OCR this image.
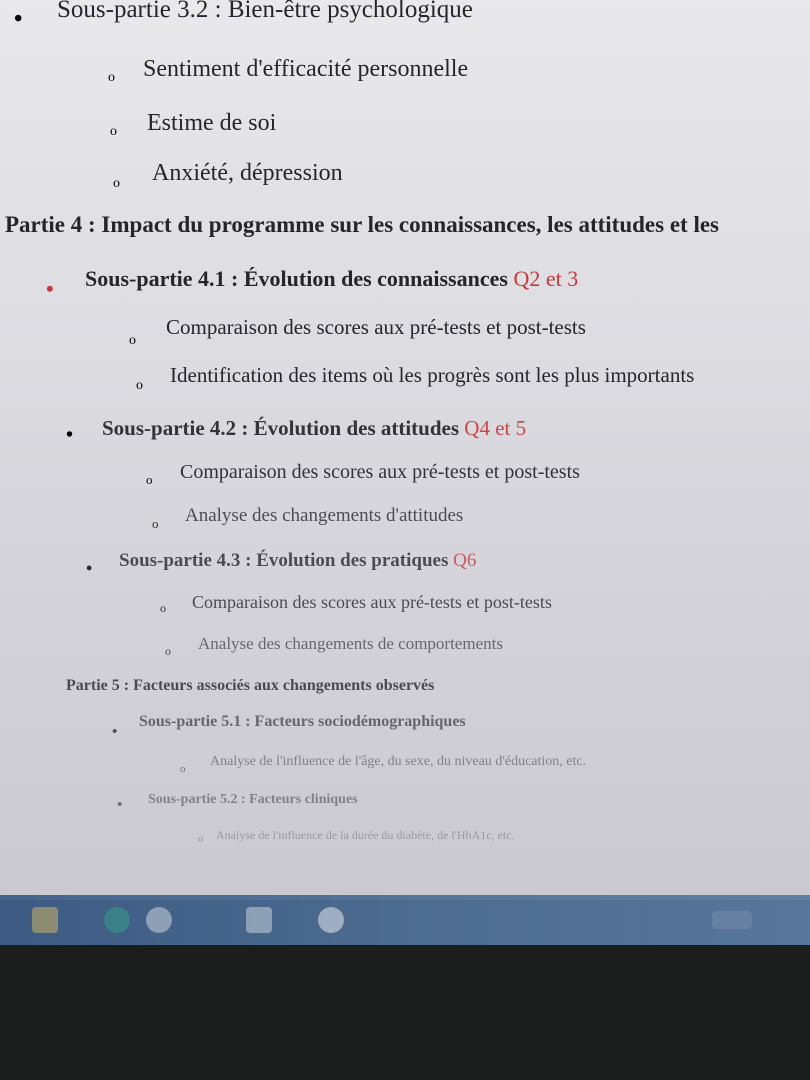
• Sous-partie 3.2 : Bien-être psychologique
o Sentiment d'efficacité personnelle
o Estime de soi
o Anxiété, dépression
Partie 4 : Impact du programme sur les connaissances, les attitudes et les
• Sous-partie 4.1 : Évolution des connaissances Q2 et 3
o
Comparaison des scores aux pré-tests et post-tests
o Identification des items où les progrès sont les plus importants
• Sous-partie 4.2 : Évolution des attitudes Q4 et 5
o Comparaison des scores aux pré-tests et post-tests
o Analyse des changements d'attitudes
• Sous-partie 4.3 : Évolution des pratiques Q6
o Comparaison des scores aux pré-tests et post-tests
o Analyse des changements de comportements
Partie 5 : Facteurs associés aux changements observés
•
Sous-partie 5.1 : Facteurs sociodémographiques
o Analyse de l'influence de l'âge, du sexe, du niveau d'éducation, etc.
• Sous-partie 5.2 : Facteurs cliniques
o Analyse de l'influence de la durée du diabète, de l'HbA1c, etc.
